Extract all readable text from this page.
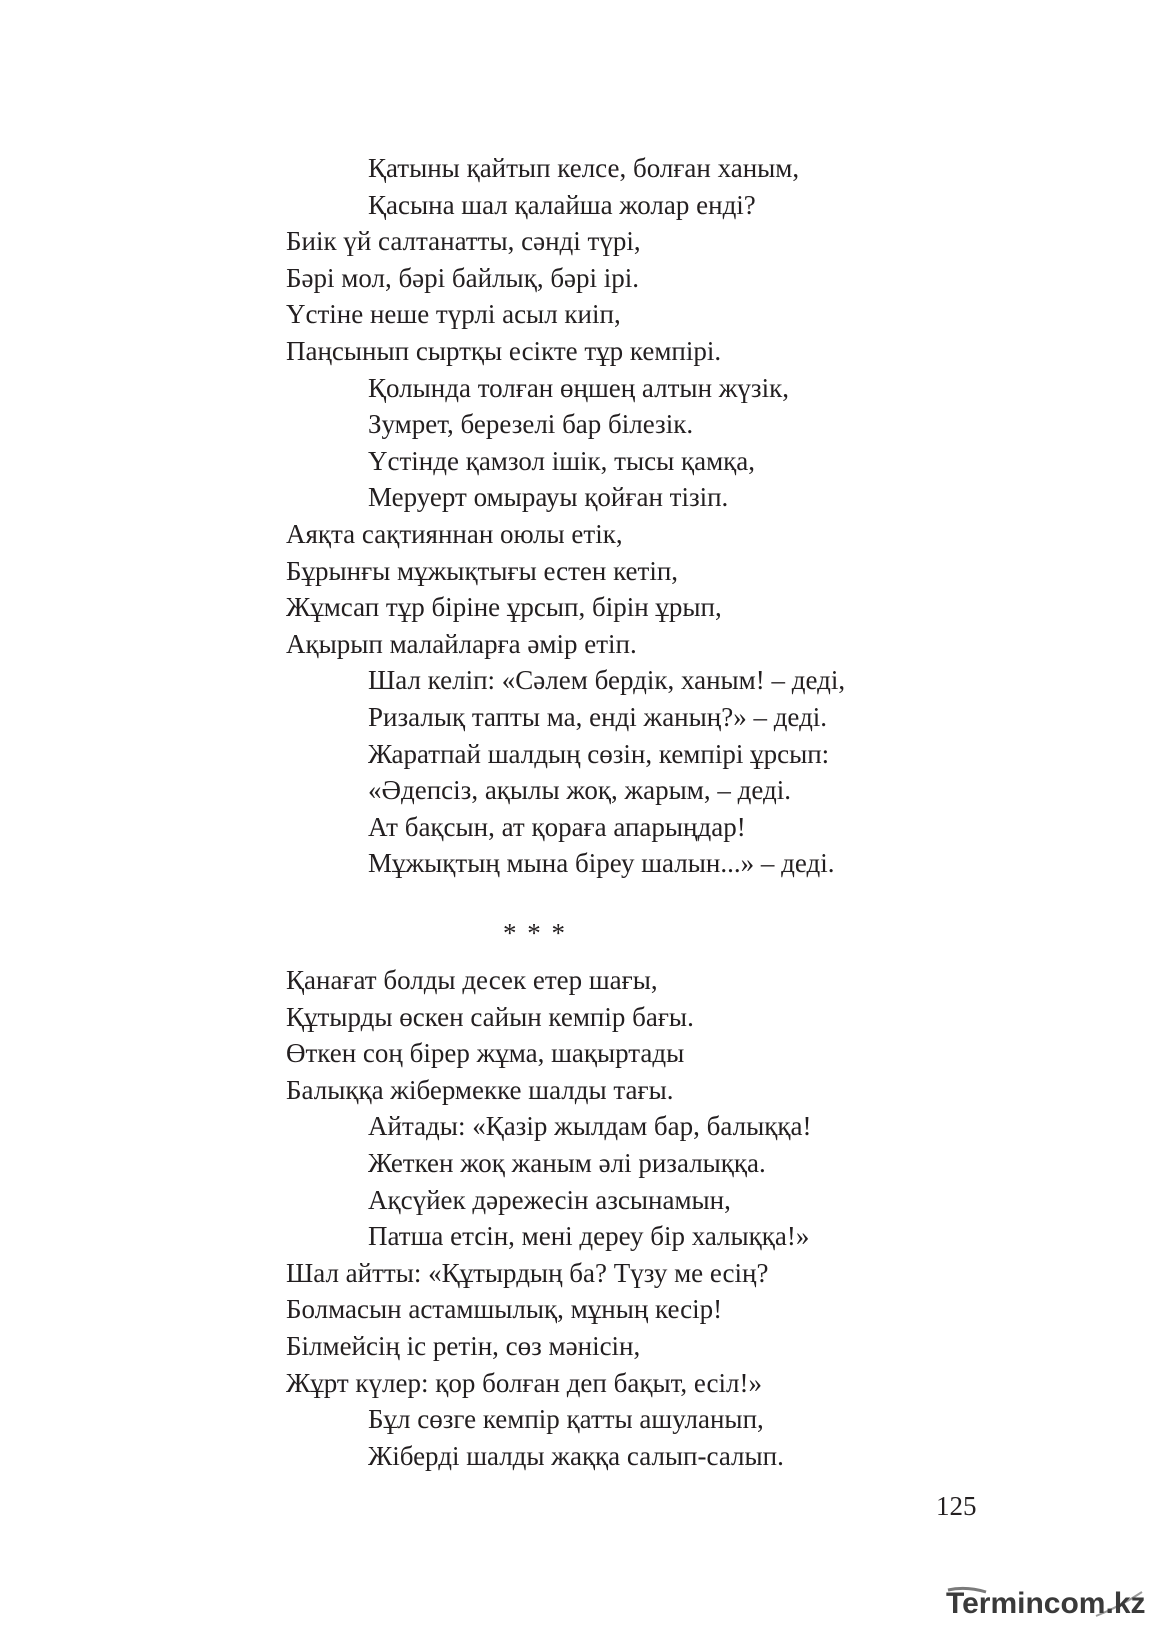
Қатыны қайтып келсе, болған ханым,
Қасына шал қалайша жолар енді?
Биік үй салтанатты, сәнді түрі,
Бәрі мол, бәрі байлық, бәрі ірі.
Үстіне неше түрлі асыл киіп,
Паңсынып сыртқы есікте тұр кемпірі.
Қолында толған өңшең алтын жүзік,
Зумрет, березелі бар білезік.
Үстінде қамзол ішік, тысы қамқа,
Меруерт омырауы қойған тізіп.
Аяқта сақтияннан оюлы етік,
Бұрынғы мұжықтығы естен кетіп,
Жұмсап тұр біріне ұрсып, бірін ұрып,
Ақырып малайларға әмір етіп.
Шал келіп: «Сәлем бердік, ханым! – деді,
Ризалық тапты ма, енді жаның?» – деді.
Жаратпай шалдың сөзін, кемпірі ұрсып:
«Әдепсіз, ақылы жоқ, жарым, – деді.
Ат бақсын, ат қораға апарыңдар!
Мұжықтың мына біреу шалын...» – деді.
* * *
Қанағат болды десек етер шағы,
Құтырды өскен сайын кемпір бағы.
Өткен соң бірер жұма, шақыртады
Балыққа жібермекке шалды тағы.
Айтады: «Қазір жылдам бар, балыққа!
Жеткен жоқ жаным әлі ризалыққа.
Ақсүйек дәрежесін азсынамын,
Патша етсін, мені дереу бір халыққа!»
Шал айтты: «Құтырдың ба? Түзу ме есің?
Болмасын астамшылық, мұның кесір!
Білмейсің іс ретін, сөз мәнісін,
Жұрт күлер: қор болған деп бақыт, есіл!»
Бұл сөзге кемпір қатты ашуланып,
Жіберді шалды жаққа салып-салып.
125
Termincom.kz
